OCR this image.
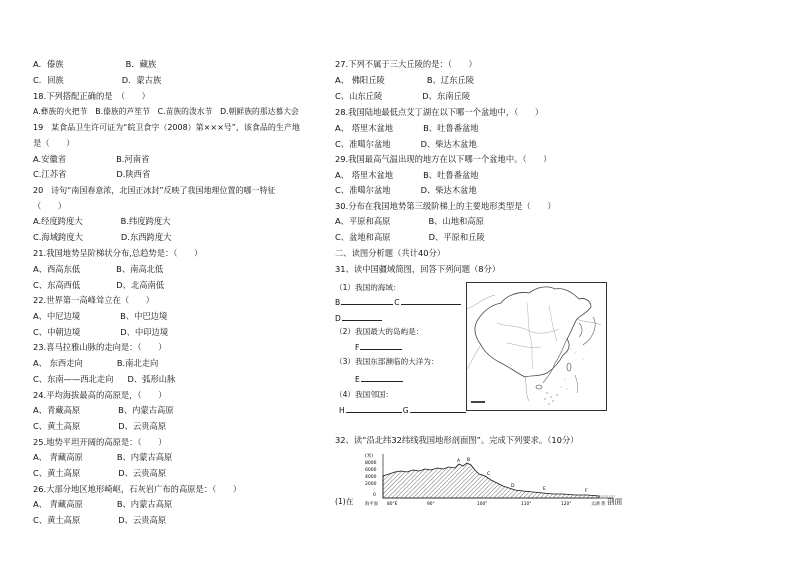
A．傣族	B．藏族
C．回族	D．蒙古族
18.下列搭配正确的是　（　　）
A.彝族的火把节　B.傣族的芦笙节　C.苗族的泼水节　D.朝鲜族的那达慕大会
19　某食品卫生许可证为“皖卫食字（2008）第×××号”，该食品的生产地
是（　　）
A.安徽省	B.河南省
C.江苏省	D.陕西省
20　诗句“南国春意浓，北国正冰封”反映了我国地理位置的哪一特征
（　　）
A.经度跨度大	B.纬度跨度大
C.海域跨度大	D.东西跨度大
21.我国地势呈阶梯状分布,总趋势是：（　　）
A、西高东低	B、南高北低
C、东高西低	D、北高南低
22.世界第一高峰耸立在（　　）
A、中尼边境	B、中巴边境
C、中朝边境	D、中印边境
23.喜马拉雅山脉的走向是：（　　）
A、 东西走向	B.南北走向
C、东南——西北走向 D、弧形山脉
24.平均海拔最高的高原是，（　　）
A、青藏高原	B、内蒙古高原
C、黄土高原	D、云贵高原
25.地势平坦开阔的高原是：（　　）
A、 青藏高原	B、内蒙古高原
C、黄土高原	D、云贵高原
26.大部分地区地形崎岖，石灰岩广布的高原是：（　　）
A、 青藏高原	B、内蒙古高原
C、黄土高原	D、云贵高原
27.下列不属于三大丘陵的是：（　　）
A、 佛阳丘陵	B、辽东丘陵
C、山东丘陵	D、东南丘陵
28.我国陆地最低点艾丁湖在以下哪一个盆地中，（　　）
A、 塔里木盆地	B、吐鲁番盆地
C、准噶尔盆地	D、柴达木盆地
29.我国最高气温出现的地方在以下哪一个盆地中。（　　）
A、 塔里木盆地	B、吐鲁番盆地
C、准噶尔盆地	D、柴达木盆地
30.分布在我国地势第三级阶梯上的主要地形类型是（　　）
A、平原和高原	B、山地和高原
C、盆地和高原	D、平原和丘陵
二、读图分析题（共计40分）
31、读中国疆域简图，回答下列问题（8分）
（1）我国的海域：
B	C
D
（2）我国最大的岛屿是：
F
（3）我国东部濒临的大洋为：
E
（4）我国邻国：
H	G
32、读“沿北纬32纬线我国地形剖面图”。完成下列要求。（10分）
(1)在	剖面
(米)
8000
6000
4000
2000
0
A B
C
D
E	F
海平面 80°E	90°	100°	110°	120°	太湖 黄
